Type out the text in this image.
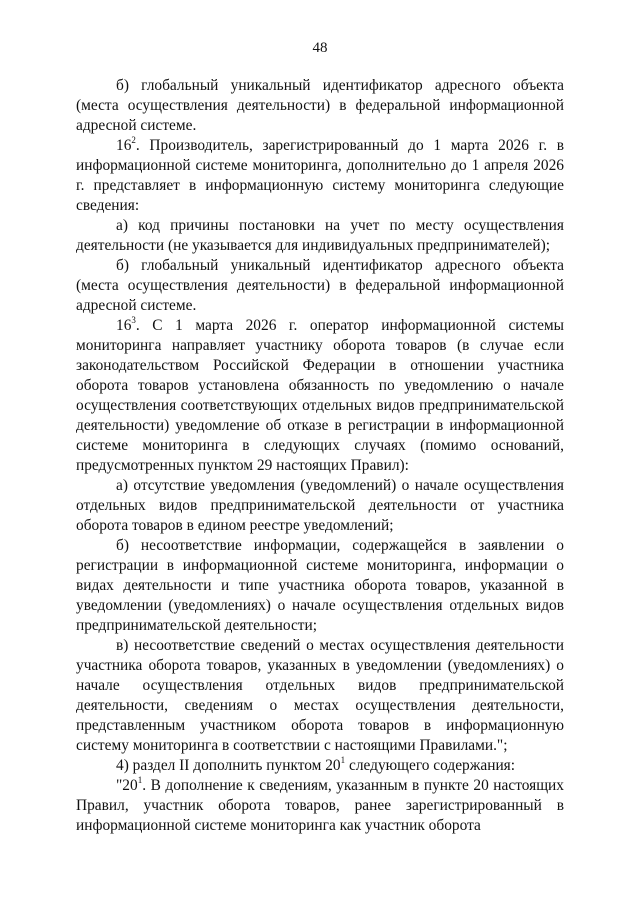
48

б) глобальный уникальный идентификатор адресного объекта (места осуществления деятельности) в федеральной информационной адресной системе.

$16^2$. Производитель, зарегистрированный до 1 марта 2026 г. в информационной системе мониторинга, дополнительно до 1 апреля 2026 г. представляет в информационную систему мониторинга следующие сведения:

а) код причины постановки на учет по месту осуществления деятельности (не указывается для индивидуальных предпринимателей);

б) глобальный уникальный идентификатор адресного объекта (места осуществления деятельности) в федеральной информационной адресной системе.

$16^3$. С 1 марта 2026 г. оператор информационной системы мониторинга направляет участнику оборота товаров (в случае если законодательством Российской Федерации в отношении участника оборота товаров установлена обязанность по уведомлению о начале осуществления соответствующих отдельных видов предпринимательской деятельности) уведомление об отказе в регистрации в информационной системе мониторинга в следующих случаях (помимо оснований, предусмотренных пунктом 29 настоящих Правил):

а) отсутствие уведомления (уведомлений) о начале осуществления отдельных видов предпринимательской деятельности от участника оборота товаров в едином реестре уведомлений;

б) несоответствие информации, содержащейся в заявлении о регистрации в информационной системе мониторинга, информации о видах деятельности и типе участника оборота товаров, указанной в уведомлении (уведомлениях) о начале осуществления отдельных видов предпринимательской деятельности;

в) несоответствие сведений о местах осуществления деятельности участника оборота товаров, указанных в уведомлении (уведомлениях) о начале осуществления отдельных видов предпринимательской деятельности, сведениям о местах осуществления деятельности, представленным участником оборота товаров в информационную систему мониторинга в соответствии с настоящими Правилами.";

4) раздел II дополнить пунктом $20^1$ следующего содержания:

"$20^1$. В дополнение к сведениям, указанным в пункте 20 настоящих Правил, участник оборота товаров, ранее зарегистрированный в информационной системе мониторинга как участник оборота
